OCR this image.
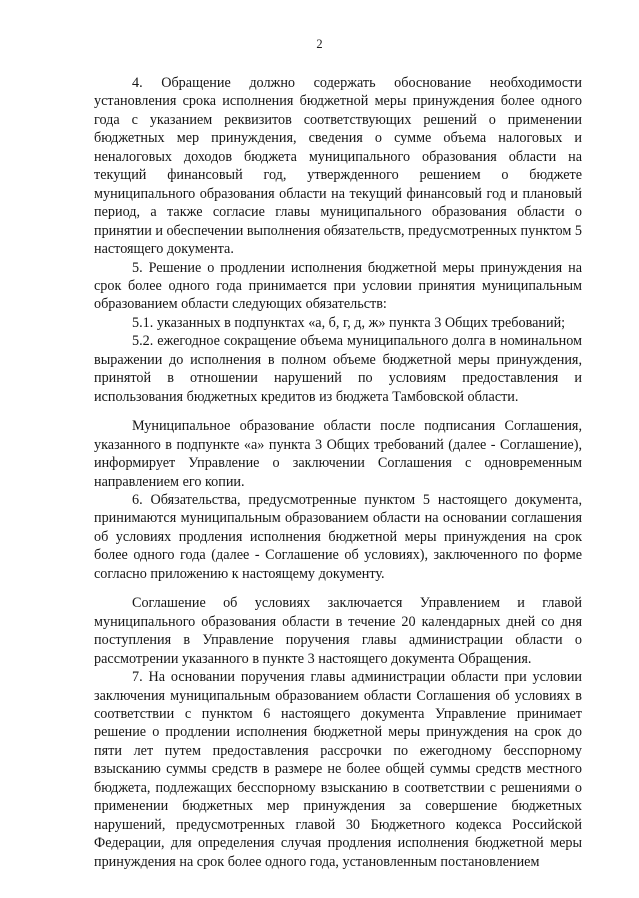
2

4. Обращение должно содержать обоснование необходимости установления срока исполнения бюджетной меры принуждения более одного года с указанием реквизитов соответствующих решений о применении бюджетных мер принуждения, сведения о сумме объема налоговых и неналоговых доходов бюджета муниципального образования области на текущий финансовый год, утвержденного решением о бюджете муниципального образования области на текущий финансовый год и плановый период, а также согласие главы муниципального образования области о принятии и обеспечении выполнения обязательств, предусмотренных пунктом 5 настоящего документа.

5. Решение о продлении исполнения бюджетной меры принуждения на срок более одного года принимается при условии принятия муниципальным образованием области следующих обязательств:

5.1. указанных в подпунктах «а, б, г, д, ж» пункта 3 Общих требований;

5.2. ежегодное сокращение объема муниципального долга в номинальном выражении до исполнения в полном объеме бюджетной меры принуждения, принятой в отношении нарушений по условиям предоставления и использования бюджетных кредитов из бюджета Тамбовской области.

Муниципальное образование области после подписания Соглашения, указанного в подпункте «а» пункта 3 Общих требований (далее - Соглашение), информирует Управление о заключении Соглашения с одновременным направлением его копии.

6. Обязательства, предусмотренные пунктом 5 настоящего документа, принимаются муниципальным образованием области на основании соглашения об условиях продления исполнения бюджетной меры принуждения на срок более одного года (далее - Соглашение об условиях), заключенного по форме согласно приложению к настоящему документу.

Соглашение об условиях заключается Управлением и главой муниципального образования области в течение 20 календарных дней со дня поступления в Управление поручения главы администрации области о рассмотрении указанного в пункте 3 настоящего документа Обращения.

7. На основании поручения главы администрации области при условии заключения муниципальным образованием области Соглашения об условиях в соответствии с пунктом 6 настоящего документа Управление принимает решение о продлении исполнения бюджетной меры принуждения на срок до пяти лет путем предоставления рассрочки по ежегодному бесспорному взысканию суммы средств в размере не более общей суммы средств местного бюджета, подлежащих бесспорному взысканию в соответствии с решениями о применении бюджетных мер принуждения за совершение бюджетных нарушений, предусмотренных главой 30 Бюджетного кодекса Российской Федерации, для определения случая продления исполнения бюджетной меры принуждения на срок более одного года, установленным постановлением
